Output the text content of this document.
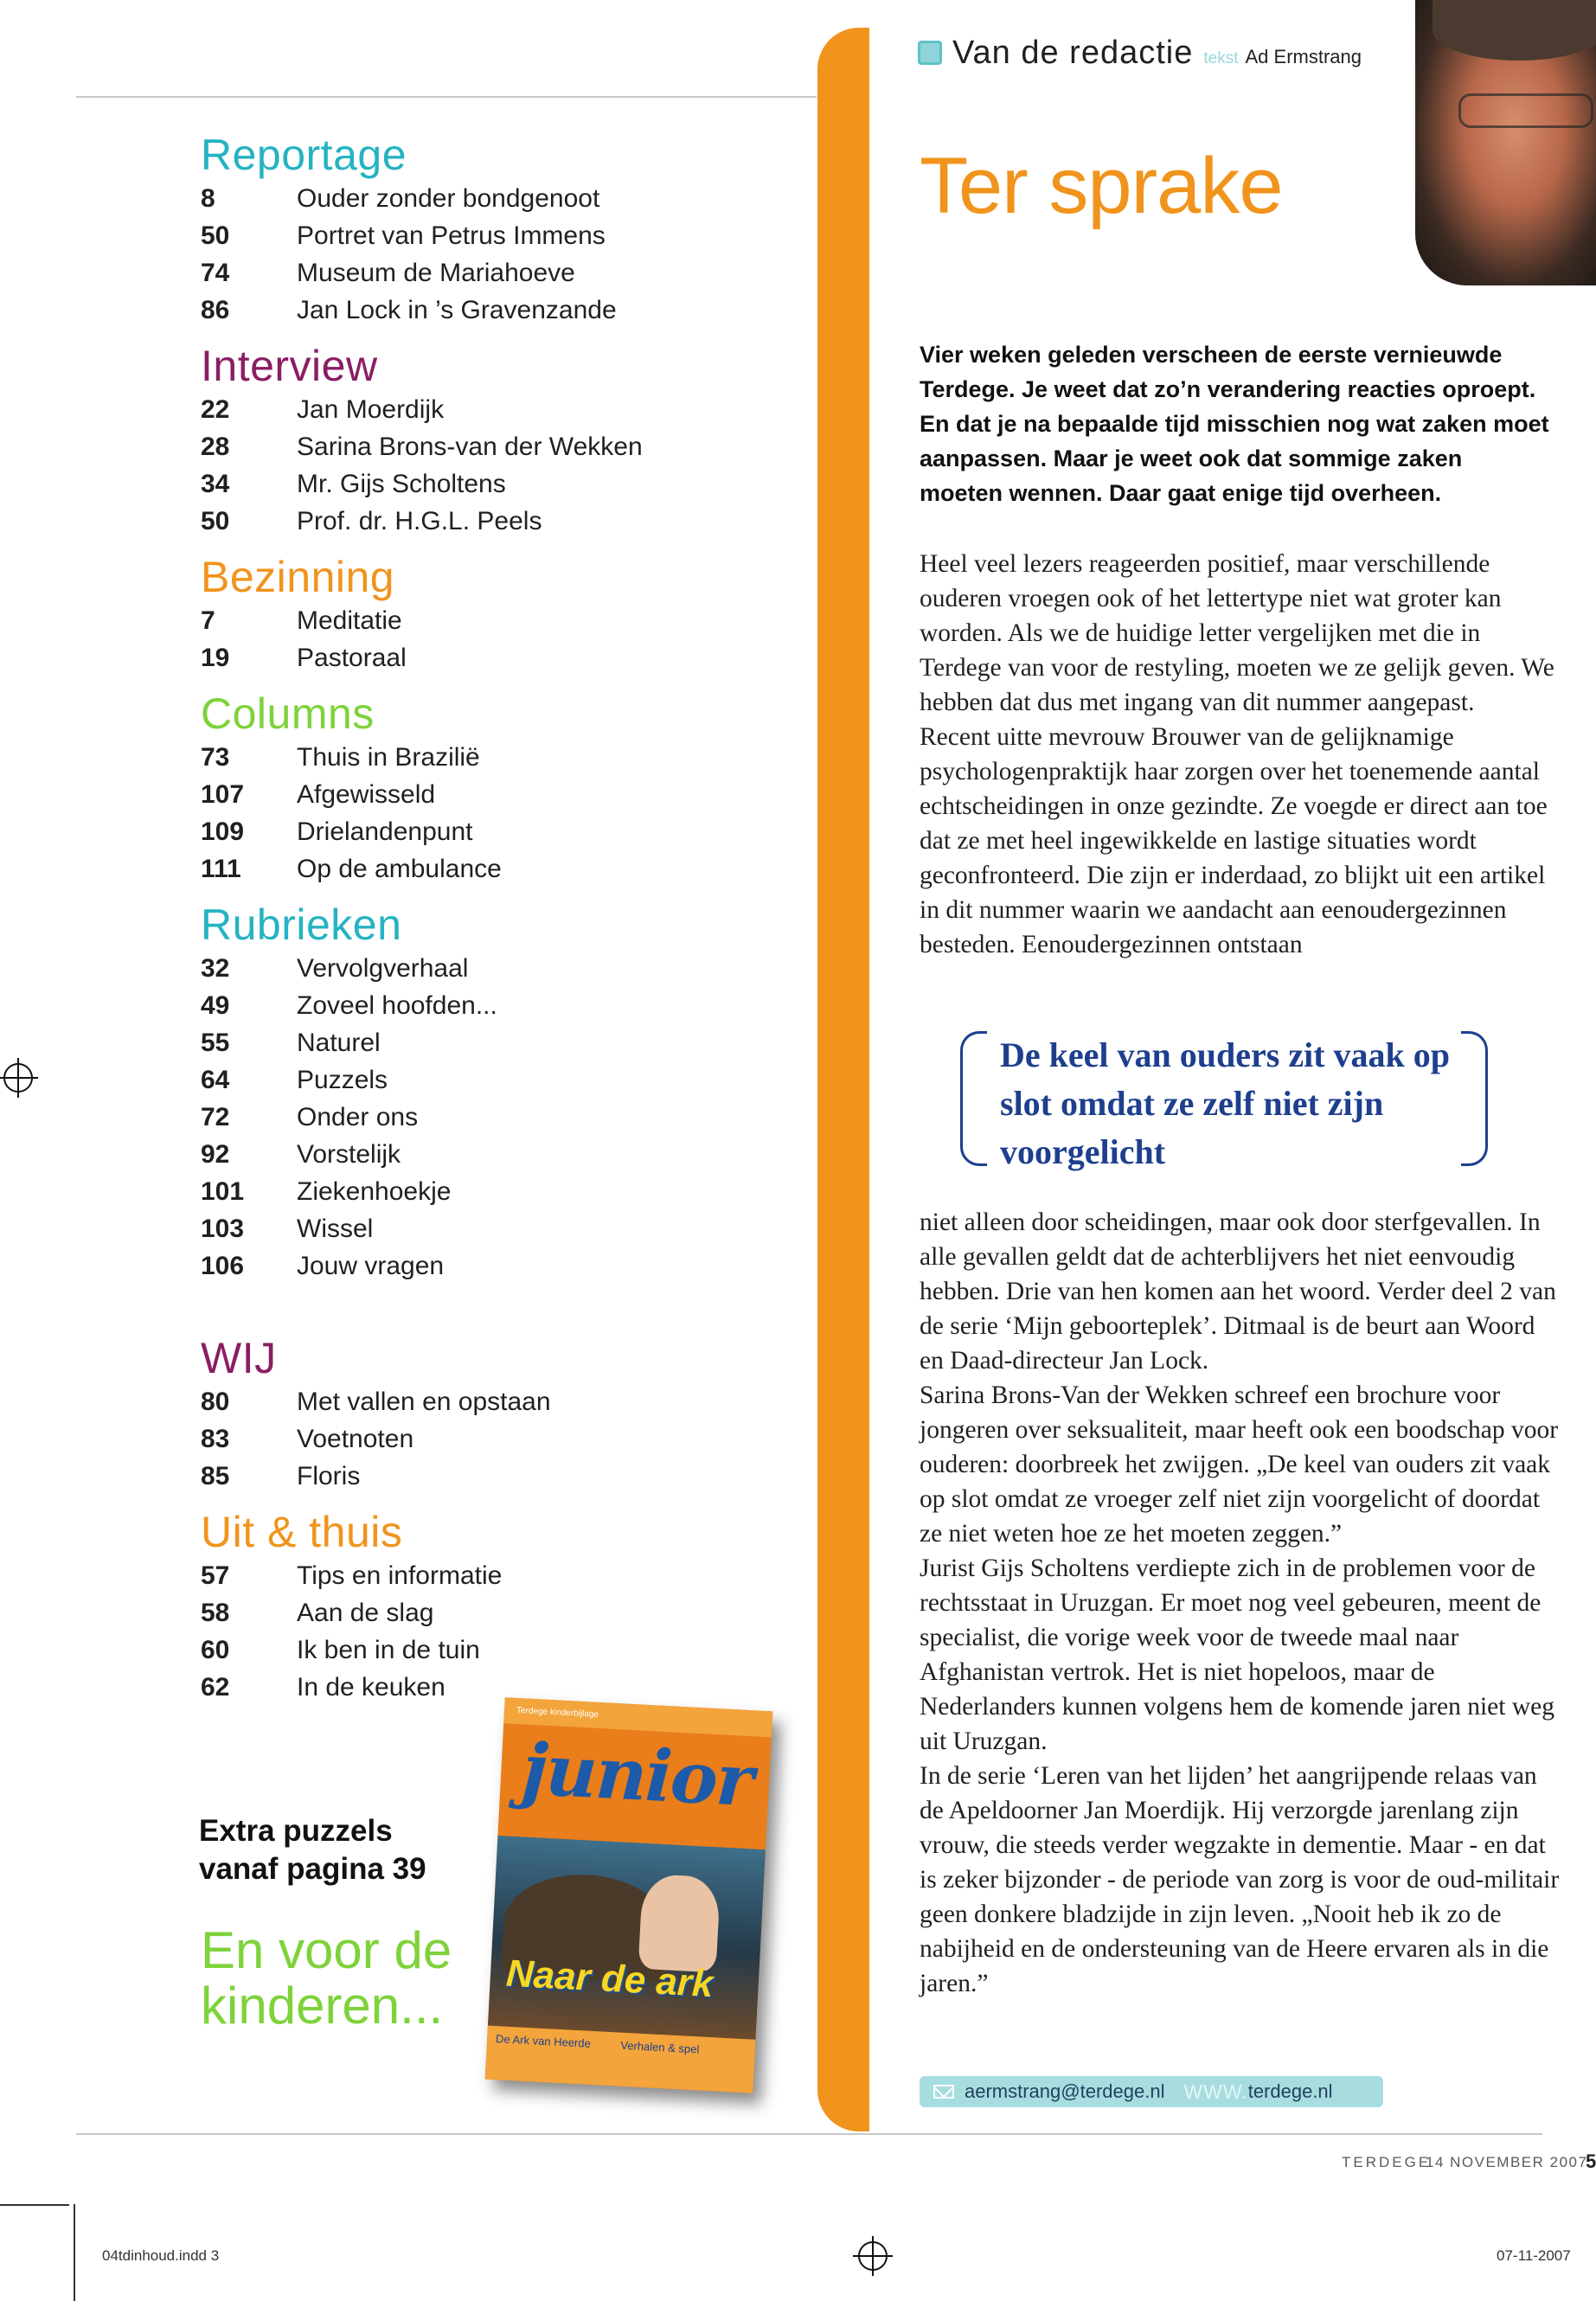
Reportage
8	Ouder zonder bondgenoot
50	Portret van Petrus Immens
74	Museum de Mariahoeve
86	Jan Lock in ’s Gravenzande
Interview
22	Jan Moerdijk
28	Sarina Brons-van der Wekken
34	Mr. Gijs Scholtens
50	Prof. dr. H.G.L. Peels
Bezinning
7	Meditatie
19	Pastoraal
Columns
73	Thuis in Brazilië
107	Afgewisseld
109	Drielandenpunt
111	Op de ambulance
Rubrieken
32	Vervolgverhaal
49	Zoveel hoofden...
55	Naturel
64	Puzzels
72	Onder ons
92	Vorstelijk
101	Ziekenhoekje
103	Wissel
106	Jouw vragen
WIJ
80	Met vallen en opstaan
83	Voetnoten
85	Floris
Uit & thuis
57	Tips en informatie
58	Aan de slag
60	Ik ben in de tuin
62	In de keuken

Extra puzzels
vanaf pagina 39

En voor de
kinderen...

Terdege kinderbijlage
junior
Naar de ark
De Ark van Heerde	Verhalen & spel
Van de redactie tekst Ad Ermstrang
Ter sprake

Vier weken geleden verscheen de eerste vernieuwde Terdege. Je weet dat zo’n verandering reacties oproept. En dat je na bepaalde tijd misschien nog wat zaken moet aanpassen. Maar je weet ook dat sommige zaken moeten wennen. Daar gaat enige tijd overheen.

Heel veel lezers reageerden positief, maar verschillende ouderen vroegen ook of het lettertype niet wat groter kan worden. Als we de huidige letter vergelijken met die in Terdege van voor de restyling, moeten we ze gelijk geven. We hebben dat dus met ingang van dit nummer aangepast.

Recent uitte mevrouw Brouwer van de gelijknamige psychologenpraktijk haar zorgen over het toenemende aantal echtscheidingen in onze gezindte. Ze voegde er direct aan toe dat ze met heel ingewikkelde en lastige situaties wordt geconfronteerd. Die zijn er inderdaad, zo blijkt uit een artikel in dit nummer waarin we aandacht aan eenoudergezinnen besteden. Eenoudergezinnen ontstaan

De keel van ouders zit vaak op slot omdat ze zelf niet zijn voorgelicht

niet alleen door scheidingen, maar ook door sterfgevallen. In alle gevallen geldt dat de achterblijvers het niet eenvoudig hebben. Drie van hen komen aan het woord. Verder deel 2 van de serie ‘Mijn geboorteplek’. Ditmaal is de beurt aan Woord en Daad-directeur Jan Lock.

Sarina Brons-Van der Wekken schreef een brochure voor jongeren over seksualiteit, maar heeft ook een boodschap voor ouderen: doorbreek het zwijgen. „De keel van ouders zit vaak op slot omdat ze vroeger zelf niet zijn voorgelicht of doordat ze niet weten hoe ze het moeten zeggen.”

Jurist Gijs Scholtens verdiepte zich in de problemen voor de rechtsstaat in Uruzgan. Er moet nog veel gebeuren, meent de specialist, die vorige week voor de tweede maal naar Afghanistan vertrok. Het is niet hopeloos, maar de Nederlanders kunnen volgens hem de komende jaren niet weg uit Uruzgan.

In de serie ‘Leren van het lijden’ het aangrijpende relaas van de Apeldoorner Jan Moerdijk. Hij verzorgde jarenlang zijn vrouw, die steeds verder wegzakte in dementie. Maar - en dat is zeker bijzonder - de periode van zorg is voor de oud-militair geen donkere bladzijde in zijn leven. „Nooit heb ik zo de nabijheid en de ondersteuning van de Heere ervaren als in die jaren.”

aermstrang@terdege.nl WWW. terdege.nl
TERDEGE
14 NOVEMBER 2007
5
04tdinhoud.indd 3	07-11-2007
